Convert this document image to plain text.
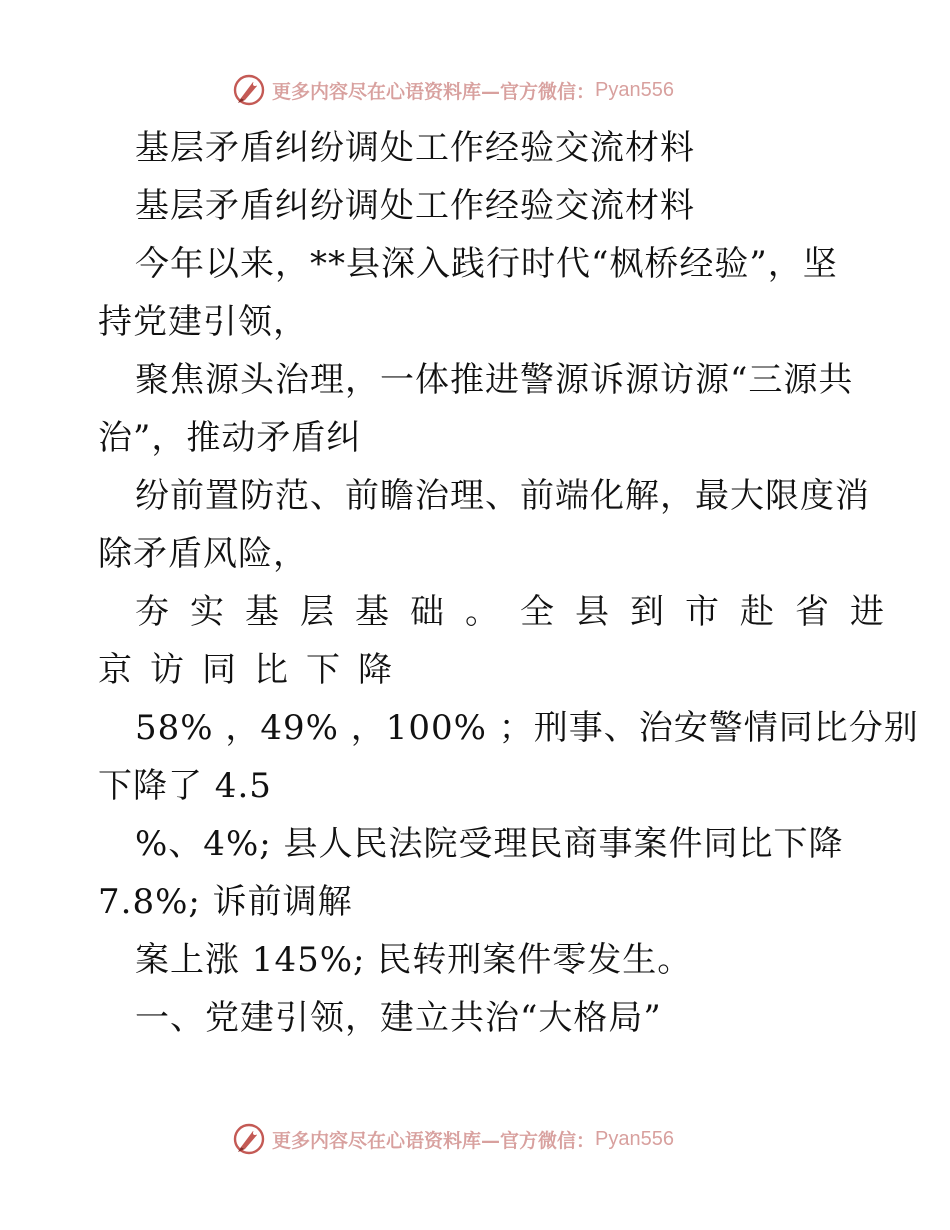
更多内容尽在心语资料库—官方微信： Pyan556
基层矛盾纠纷调处工作经验交流材料
基层矛盾纠纷调处工作经验交流材料
今年以来，**县深入践行时代“枫桥经验”，坚
持党建引领，
聚焦源头治理，一体推进警源诉源访源“三源共
治”，推动矛盾纠
纷前置防范、前瞻治理、前端化解，最大限度消
除矛盾风险，
夯实基层基础。全县到市赴省进
京访同比下降
58% ，49% ，100% ；刑事、治安警情同比分别
下降了 4.5
%、4%; 县人民法院受理民商事案件同比下降
7.8%; 诉前调解
案上涨 145%; 民转刑案件零发生。
一、党建引领，建立共治“大格局”
更多内容尽在心语资料库—官方微信： Pyan556
